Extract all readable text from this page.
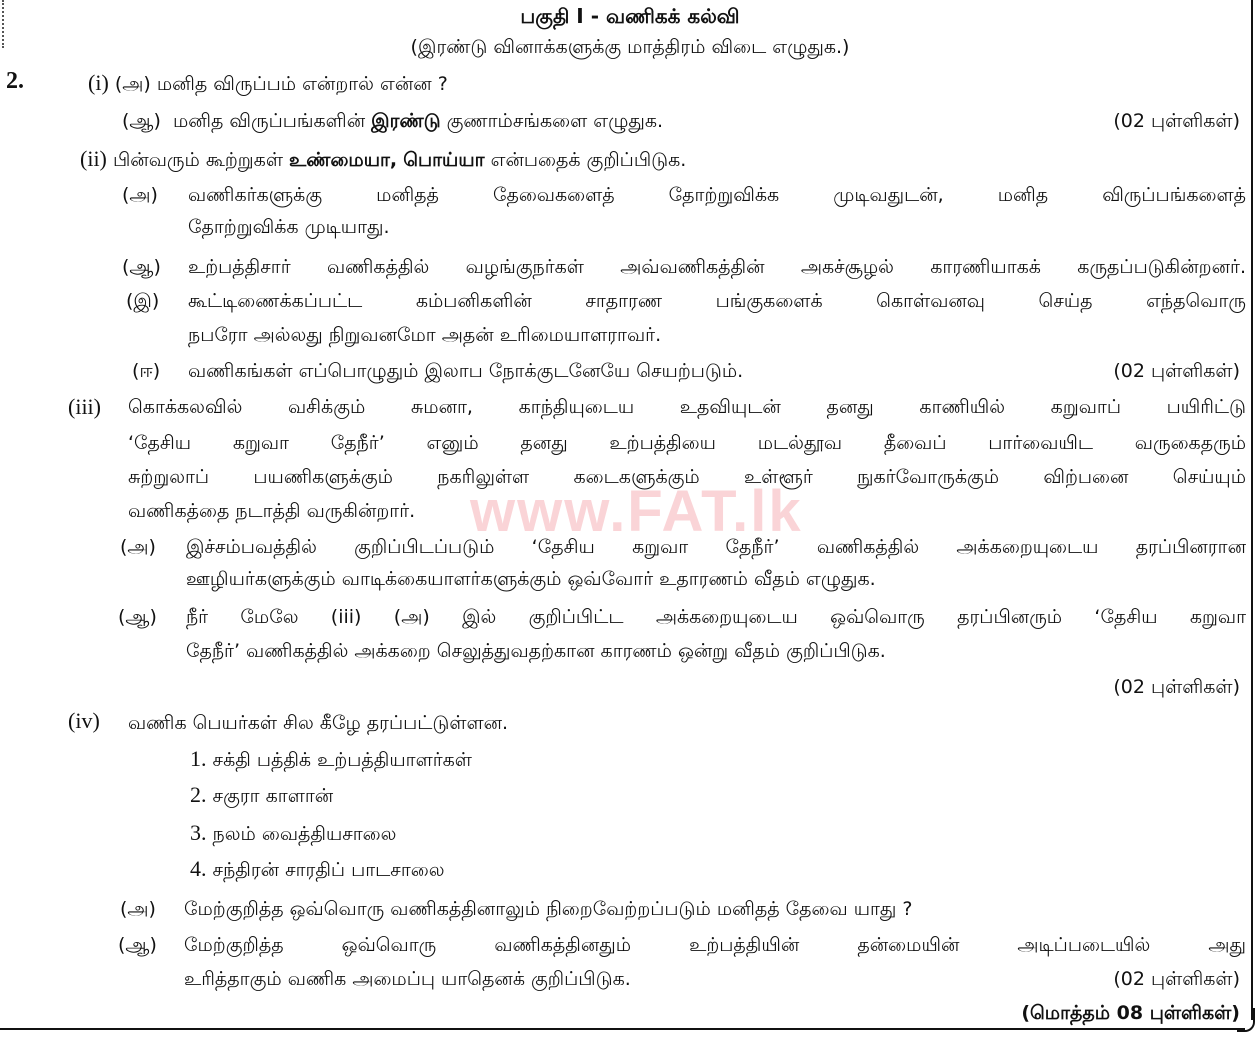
பகுதி I - வணிகக் கல்வி
(இரண்டு வினாக்களுக்கு மாத்திரம் விடை எழுதுக.)
2.	(i) (அ) மனித விருப்பம் என்றால் என்ன ?
(ஆ) மனித விருப்பங்களின் இரண்டு குணாம்சங்களை எழுதுக.	(02 புள்ளிகள்)
(ii) பின்வரும் கூற்றுகள் உண்மையா, பொய்யா என்பதைக் குறிப்பிடுக.
(அ) வணிகர்களுக்கு மனிதத் தேவைகளைத் தோற்றுவிக்க முடிவதுடன், மனித விருப்பங்களைத்
தோற்றுவிக்க முடியாது.
(ஆ) உற்பத்திசார் வணிகத்தில் வழங்குநர்கள் அவ்வணிகத்தின் அகச்சூழல் காரணியாகக் கருதப்படுகின்றனர்.
(இ) கூட்டிணைக்கப்பட்ட கம்பனிகளின் சாதாரண பங்குகளைக் கொள்வனவு செய்த எந்தவொரு
நபரோ அல்லது நிறுவனமோ அதன் உரிமையாளராவர்.
(ஈ) வணிகங்கள் எப்பொழுதும் இலாப நோக்குடனேயே செயற்படும்.	(02 புள்ளிகள்)
(iii) கொக்கலவில் வசிக்கும் சுமனா, காந்தியுடைய உதவியுடன் தனது காணியில் கறுவாப் பயிரிட்டு
‘தேசிய கறுவா தேநீர்’ எனும் தனது உற்பத்தியை மடல்தூவ தீவைப் பார்வையிட வருகைதரும்
சுற்றுலாப் பயணிகளுக்கும் நகரிலுள்ள கடைகளுக்கும் உள்ளூர் நுகர்வோருக்கும் விற்பனை செய்யும்
வணிகத்தை நடாத்தி வருகின்றார்.
(அ) இச்சம்பவத்தில் குறிப்பிடப்படும் ‘தேசிய கறுவா தேநீர்’ வணிகத்தில் அக்கறையுடைய தரப்பினரான
ஊழியர்களுக்கும் வாடிக்கையாளர்களுக்கும் ஒவ்வோர் உதாரணம் வீதம் எழுதுக.
(ஆ) நீர் மேலே (iii) (அ) இல் குறிப்பிட்ட அக்கறையுடைய ஒவ்வொரு தரப்பினரும் ‘தேசிய கறுவா
தேநீர்’ வணிகத்தில் அக்கறை செலுத்துவதற்கான காரணம் ஒன்று வீதம் குறிப்பிடுக.
(02 புள்ளிகள்)
www.FAT.lk
(iv) வணிக பெயர்கள் சில கீழே தரப்பட்டுள்ளன.
1. சக்தி பத்திக் உற்பத்தியாளர்கள்
2. சகுரா காளான்
3. நலம் வைத்தியசாலை
4. சந்திரன் சாரதிப் பாடசாலை
(அ) மேற்குறித்த ஒவ்வொரு வணிகத்தினாலும் நிறைவேற்றப்படும் மனிதத் தேவை யாது ?
(ஆ) மேற்குறித்த ஒவ்வொரு வணிகத்தினதும் உற்பத்தியின் தன்மையின் அடிப்படையில் அது
உரித்தாகும் வணிக அமைப்பு யாதெனக் குறிப்பிடுக.	(02 புள்ளிகள்)
(மொத்தம் 08 புள்ளிகள்)
